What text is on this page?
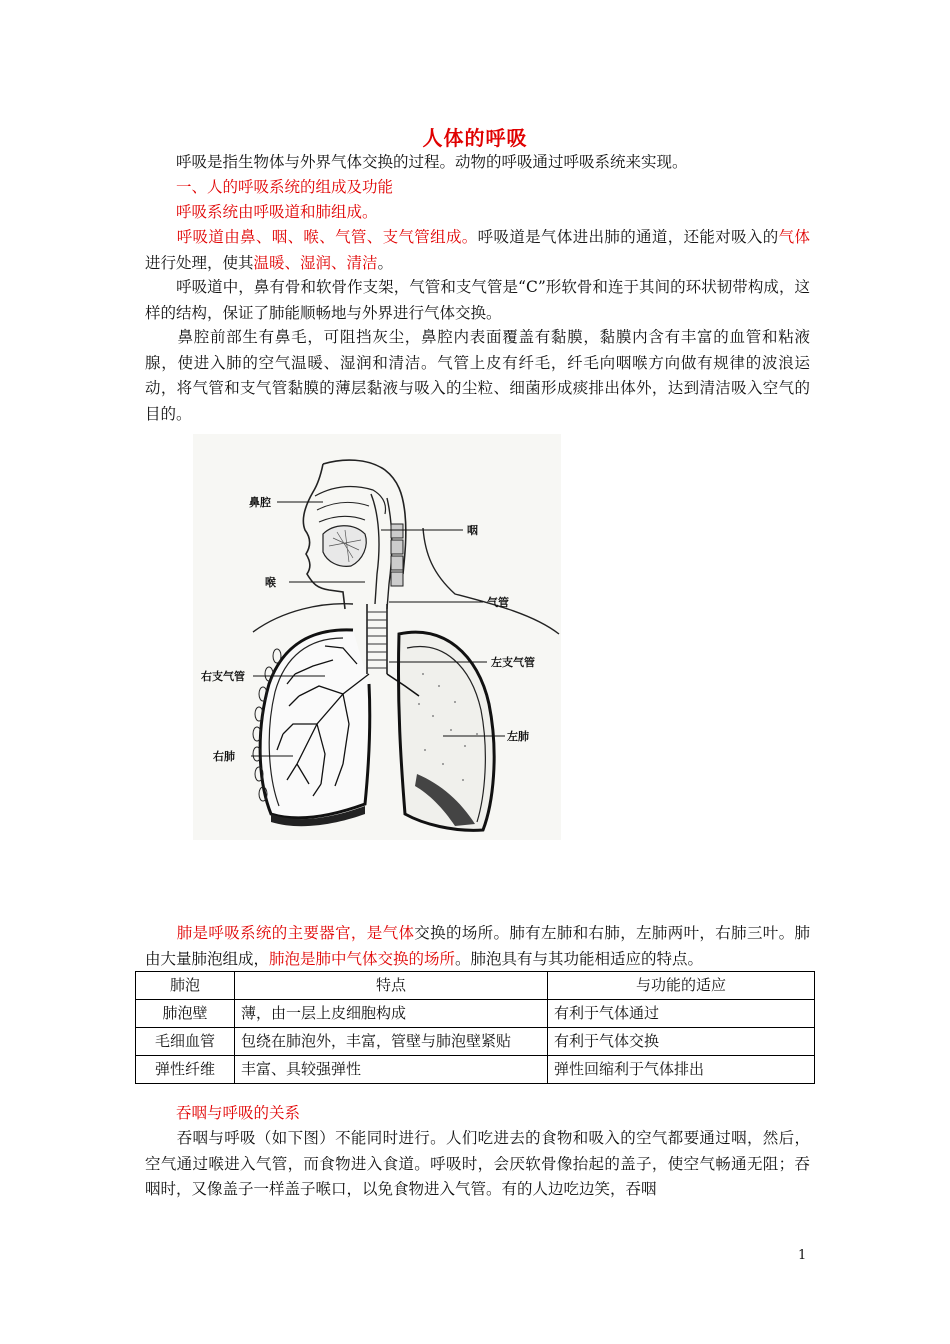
人体的呼吸
　　呼吸是指生物体与外界气体交换的过程。动物的呼吸通过呼吸系统来实现。
　　一、人的呼吸系统的组成及功能
　　呼吸系统由呼吸道和肺组成。
　　呼吸道由鼻、咽、喉、气管、支气管组成。呼吸道是气体进出肺的通道，还能对吸入的气体进行处理，使其温暖、湿润、清洁。
　　呼吸道中，鼻有骨和软骨作支架，气管和支气管是“C”形软骨和连于其间的环状韧带构成，这样的结构，保证了肺能顺畅地与外界进行气体交换。
　　鼻腔前部生有鼻毛，可阻挡灰尘，鼻腔内表面覆盖有黏膜，黏膜内含有丰富的血管和粘液腺，使进入肺的空气温暖、湿润和清洁。气管上皮有纤毛，纤毛向咽喉方向做有规律的波浪运动，将气管和支气管黏膜的薄层黏液与吸入的尘粒、细菌形成痰排出体外，达到清洁吸入空气的目的。
鼻腔
咽
喉
气管
右支气管
左支气管
右肺
左肺
　　肺是呼吸系统的主要器官，是气体交换的场所。肺有左肺和右肺，左肺两叶，右肺三叶。肺由大量肺泡组成，肺泡是肺中气体交换的场所。肺泡具有与其功能相适应的特点。
肺泡	特点	与功能的适应
肺泡壁	薄，由一层上皮细胞构成	有利于气体通过
毛细血管	包绕在肺泡外，丰富，管壁与肺泡壁紧贴	有利于气体交换
弹性纤维	丰富、具较强弹性	弹性回缩利于气体排出
　　吞咽与呼吸的关系
　　吞咽与呼吸（如下图）不能同时进行。人们吃进去的食物和吸入的空气都要通过咽，然后，空气通过喉进入气管，而食物进入食道。呼吸时，会厌软骨像抬起的盖子，使空气畅通无阻；吞咽时，又像盖子一样盖子喉口，以免食物进入气管。有的人边吃边笑，吞咽
1
